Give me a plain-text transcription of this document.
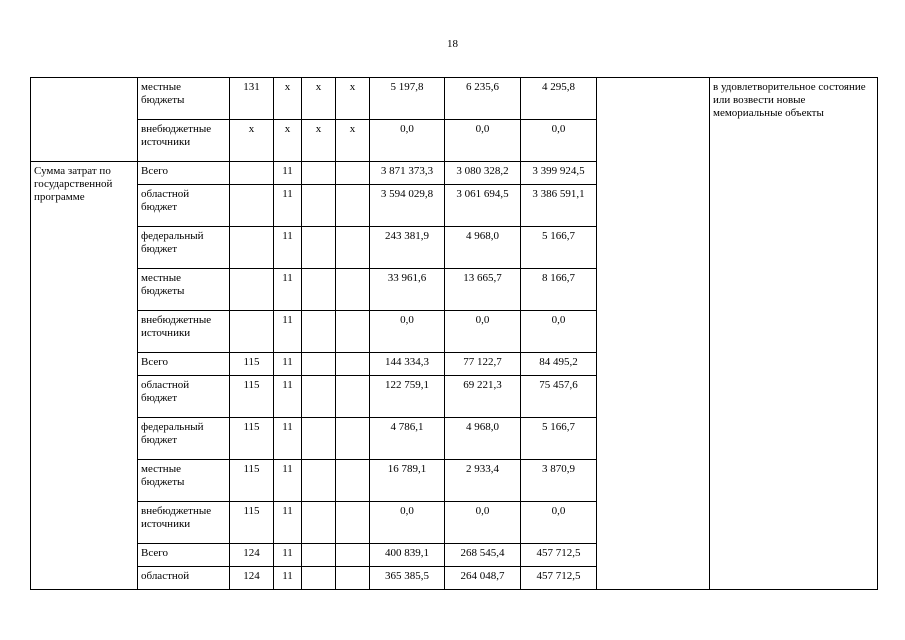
18
	местные бюджеты	131	х	х	х	5 197,8	6 235,6	4 295,8		в удовлетворительное состояние или возвести новые мемориальные объекты
	внебюджетные источники	х	х	х	х	0,0	0,0	0,0		
Сумма затрат по государственной программе	Всего		11			3 871 373,3	3 080 328,2	3 399 924,5		
	областной бюджет		11			3 594 029,8	3 061 694,5	3 386 591,1		
	федеральный бюджет		11			243 381,9	4 968,0	5 166,7		
	местные бюджеты		11			33 961,6	13 665,7	8 166,7		
	внебюджетные источники		11			0,0	0,0	0,0		
	Всего	115	11			144 334,3	77 122,7	84 495,2		
	областной бюджет	115	11			122 759,1	69 221,3	75 457,6		
	федеральный бюджет	115	11			4 786,1	4 968,0	5 166,7		
	местные бюджеты	115	11			16 789,1	2 933,4	3 870,9		
	внебюджетные источники	115	11			0,0	0,0	0,0		
	Всего	124	11			400 839,1	268 545,4	457 712,5		
	областной	124	11			365 385,5	264 048,7	457 712,5		
